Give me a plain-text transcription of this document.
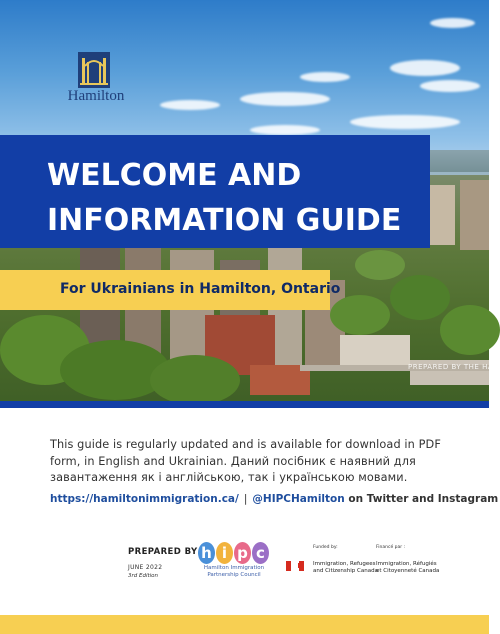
Hamilton
WELCOME AND
INFORMATION GUIDE
For Ukrainians in Hamilton, Ontario
PREPARED BY THE HAM
This guide is regularly updated and is available for download in PDF form, in English and Ukrainian. Даний посібник є наявний для завантаження як і англійською, так і українською мовами.
https://hamiltonimmigration.ca/ | @HIPCHamilton on Twitter and Instagram
PREPARED BY
JUNE 2022
3rd Edition
h i p c
Hamilton Immigration
Partnership Council
Funded by:	Financé par :
Immigration, Refugees
and Citizenship Canada
Immigration, Réfugiés
et Citoyenneté Canada
